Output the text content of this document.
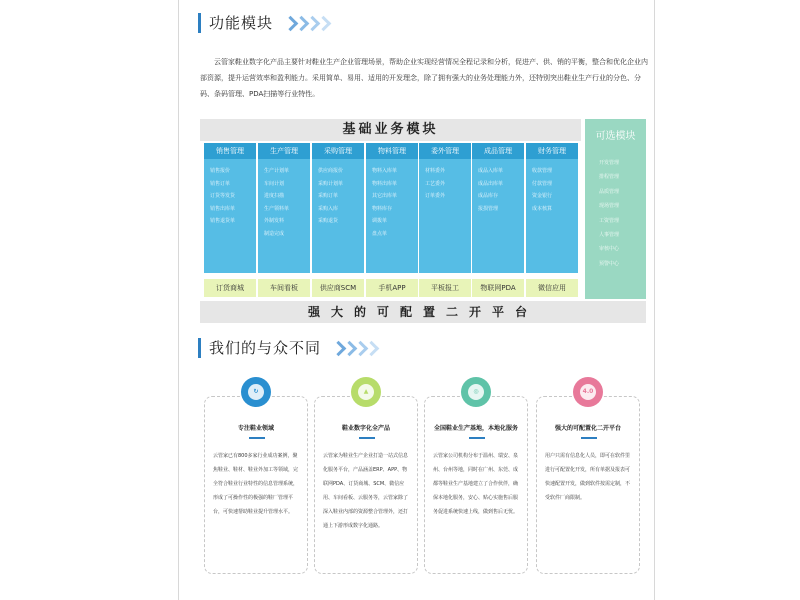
功能模块

云管家鞋业数字化产品主要针对鞋业生产企业管理场景，帮助企业实现经营情况全程记录和分析，促进产、供、销的平衡，整合和优化企业内部资源，提升运营效率和盈利能力。采用简单、易用、适用的开发理念，除了拥有强大的业务处理能力外，还特别突出鞋业生产行业的分色、分码、条码管理、PDA扫描等行业特性。

基础业务模块
销售管理
销售报价
销售订单
订货等发货
销售出库单
销售退货单
订货商城
生产管理
生产计划单
车间计划
进度扫描
生产领料单
外制发料
制造完成
车间看板
采购管理
供应商报价
采购计划单
采购订单
采购入库
采购退货
供应商SCM
物料管理
物料入库单
物料出库单
其它出库单
物料库存
调拨单
盘点单
手机APP
委外管理
材料委外
工艺委外
订单委外
平板报工
成品管理
成品入库单
成品出库单
成品库存
报损管理
物联网PDA
财务管理
收款管理
付款管理
资金银行
成本核算
微信应用
可选模块
开发管理
排程管理
品质管理
现场管理
工资管理
人事管理
审核中心
预警中心
强大的可配置二开平台
我们的与众不同
专注鞋业领域
云管家已有800多家行业成功案例，聚焦鞋业、鞋材、鞋业外加工等领域，完全符合鞋业行业特性的信息管理系统，形成了可操作性的极强的鞋厂管理平台，可快速帮助鞋业提升管理水平。
↻
鞋业数字化全产品
云管家为鞋业生产企业打造一站式信息化服务平台，产品涵盖ERP、APP、物联网PDA、订货商城、SCM、微信应用、车间看板、云服务等，云管家除了深入鞋业内部的资源整合管理外，还打通上下游形成数字化通路。
▲
全国鞋业生产基地，本地化服务
云管家公司机构分布于温州、瑞安、泉州、台州等地，同时在广州、东莞、成都等鞋业生产基地建立了合作伙伴，确保本地化服务，安心、贴心实施售后服务促进系统快速上线，做到售后无忧。
◎
强大的可配置化二开平台
用户只需有信息化人员，即可在软件里进行可配置化开发，所有单据及报表可快速配置开发，做到软件按需定制，不受软件厂商限制。
4.0
